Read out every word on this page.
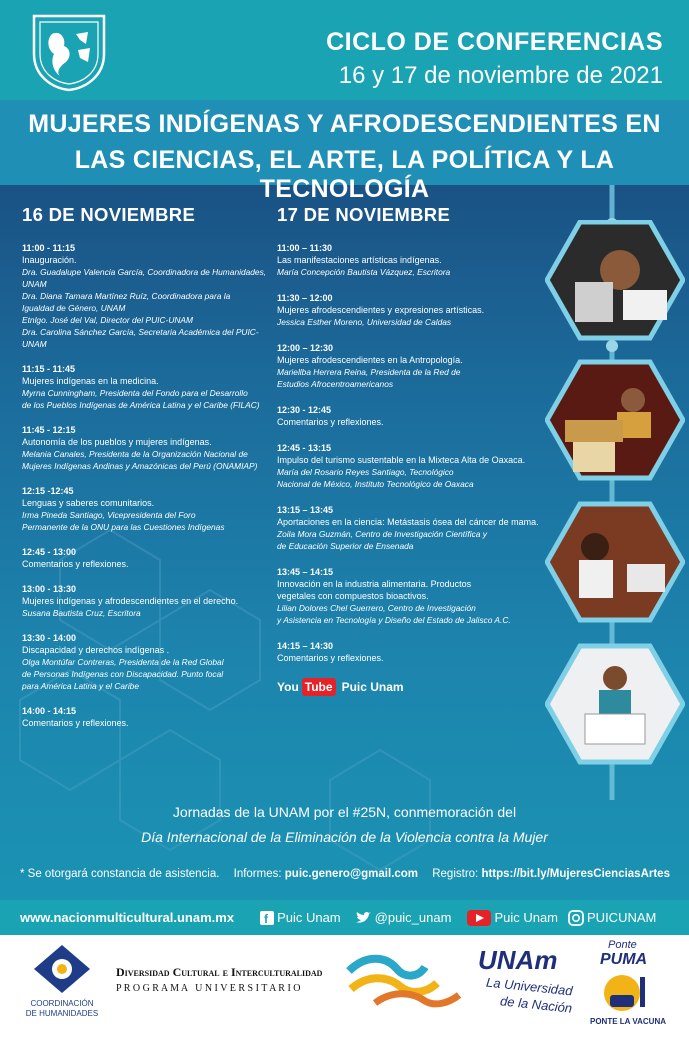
CICLO DE CONFERENCIAS
16 y 17 de noviembre de 2021
MUJERES INDÍGENAS Y AFRODESCENDIENTES EN
LAS CIENCIAS, EL ARTE, LA POLÍTICA Y LA TECNOLOGÍA
16 DE NOVIEMBRE
11:00 - 11:15
Inauguración.
Dra. Guadalupe Valencia García, Coordinadora de Humanidades, UNAM
Dra. Diana Tamara Martínez Ruíz, Coordinadora para la
Igualdad de Género, UNAM
Etnlgo. José del Val, Director del PUIC-UNAM
Dra. Carolina Sánchez García, Secretaria Académica del PUIC-UNAM
11:15 - 11:45
Mujeres indígenas en la medicina.
Myrna Cunningham, Presidenta del Fondo para el Desarrollo
de los Pueblos Indígenas de América Latina y el Caribe (FILAC)
11:45 - 12:15
Autonomía de los pueblos y mujeres indígenas.
Melania Canales, Presidenta de la Organización Nacional de
Mujeres Indígenas Andinas y Amazónicas del Perú (ONAMIAP)
12:15 -12:45
Lenguas y saberes comunitarios.
Irma Pineda Santiago, Vicepresidenta del Foro
Permanente de la ONU para las Cuestiones Indígenas
12:45 - 13:00
Comentarios y reflexiones.
13:00 - 13:30
Mujeres indígenas y afrodescendientes en el derecho.
Susana Bautista Cruz, Escritora
13:30 - 14:00
Discapacidad y derechos indígenas .
Olga Montúfar Contreras, Presidenta de la Red Global
de Personas Indígenas con Discapacidad. Punto focal
para América Latina y el Caribe
14:00 - 14:15
Comentarios y reflexiones.
17 DE NOVIEMBRE
11:00 – 11:30
Las manifestaciones artísticas indígenas.
María Concepción Bautista Vázquez, Escritora
11:30 – 12:00
Mujeres afrodescendientes y expresiones artísticas.
Jessica Esther Moreno, Universidad de Caldas
12:00 – 12:30
Mujeres afrodescendientes en la Antropología.
Mariellba Herrera Reina, Presidenta de la Red de
Estudios Afrocentroamericanos
12:30 - 12:45
Comentarios y reflexiones.
12:45 - 13:15
Impulso del turismo sustentable en la Mixteca Alta de Oaxaca.
María del Rosario Reyes Santiago, Tecnológico
Nacional de México, Instituto Tecnológico de Oaxaca
13:15 – 13:45
Aportaciones en la ciencia: Metástasis ósea del cáncer de mama.
Zoila Mora Guzmán, Centro de Investigación Científica y
de Educación Superior de Ensenada
13:45 – 14:15
Innovación en la industria alimentaria. Productos
vegetales con compuestos bioactivos.
Lilian Dolores Chel Guerrero, Centro de Investigación
y Asistencia en Tecnología y Diseño del Estado de Jalisco A.C.
14:15 – 14:30
Comentarios y reflexiones.
You Tube Puic Unam
Jornadas de la UNAM por el #25N, conmemoración del
Día Internacional de la Eliminación de la Violencia contra la Mujer
* Se otorgará constancia de asistencia. Informes: puic.genero@gmail.com Registro: https://bit.ly/MujeresCienciasArtes
www.nacionmulticultural.unam.mx	f Puic Unam	@puic_unam	Puic Unam PUICUNAM
COORDINACIÓN
DE HUMANIDADES
Diversidad Cultural e Interculturalidad
P R O G R A M A   U N I V E R S I T A R I O
UNAm
La Universidad
de la Nación
Ponte
PUMA
PONTE LA VACUNA
